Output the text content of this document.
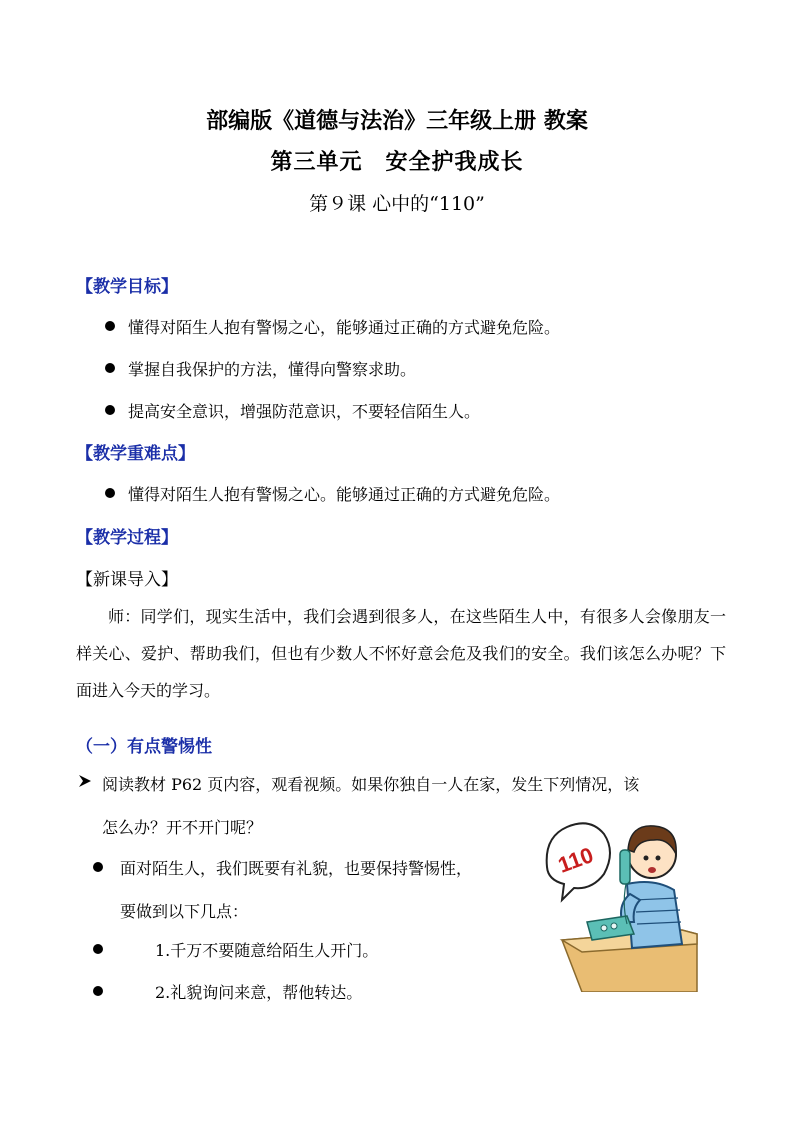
部编版《道德与法治》三年级上册 教案
第三单元　安全护我成长
第９课 心中的“110”
【教学目标】
懂得对陌生人抱有警惕之心，能够通过正确的方式避免危险。
掌握自我保护的方法，懂得向警察求助。
提高安全意识，增强防范意识，不要轻信陌生人。
【教学重难点】
懂得对陌生人抱有警惕之心。能够通过正确的方式避免危险。
【教学过程】
【新课导入】
师：同学们，现实生活中，我们会遇到很多人，在这些陌生人中，有很多人会像朋友一样关心、爱护、帮助我们，但也有少数人不怀好意会危及我们的安全。我们该怎么办呢？下面进入今天的学习。
（一）有点警惕性
阅读教材 P62 页内容，观看视频。如果你独自一人在家，发生下列情况，该
怎么办？开不开门呢？
面对陌生人，我们既要有礼貌，也要保持警惕性，
要做到以下几点：
1.千万不要随意给陌生人开门。
2.礼貌询问来意，帮他转达。
110
